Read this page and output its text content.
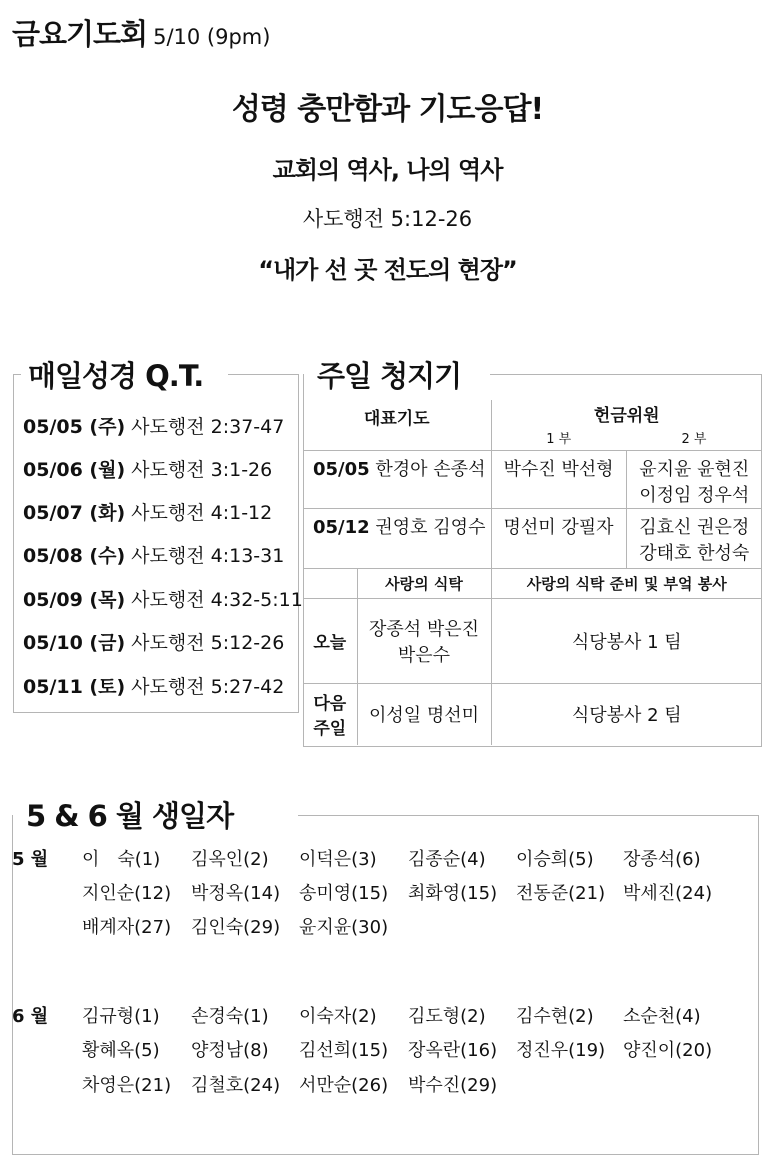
금요기도회 5/10 (9pm)
성령 충만함과 기도응답!
교회의 역사, 나의 역사
사도행전 5:12-26
“내가 선 곳 전도의 현장”
매일성경 Q.T.
05/05 (주) 사도행전 2:37-47
05/06 (월) 사도행전 3:1-26
05/07 (화) 사도행전 4:1-12
05/08 (수) 사도행전 4:13-31
05/09 (목) 사도행전 4:32-5:11
05/10 (금) 사도행전 5:12-26
05/11 (토) 사도행전 5:27-42
주일 청지기
대표기도		헌금위원	
		1 부	2 부
05/05 한경아 손종석		박수진 박선형	윤지윤 윤현진
이정임 정우석

05/12 권영호 김영수		명선미 강필자	김효신 권은정
강태호 한성숙

	사랑의 식탁	사랑의 식탁 준비 및 부엌 봉사	
오늘	장종석 박은진
박은수	식당봉사 1 팀	

다음
주일	이성일 명선미	식당봉사 2 팀	
5 & 6 월 생일자
5 월 이　숙(1) 김옥인(2) 이덕은(3) 김종순(4) 이승희(5) 장종석(6)
지인순(12) 박정옥(14) 송미영(15) 최화영(15) 전동준(21) 박세진(24)
배계자(27) 김인숙(29) 윤지윤(30)
6 월 김규형(1) 손경숙(1) 이숙자(2) 김도형(2) 김수현(2) 소순천(4)
황혜옥(5) 양정남(8) 김선희(15) 장옥란(16) 정진우(19) 양진이(20)
차영은(21) 김철호(24) 서만순(26) 박수진(29)
